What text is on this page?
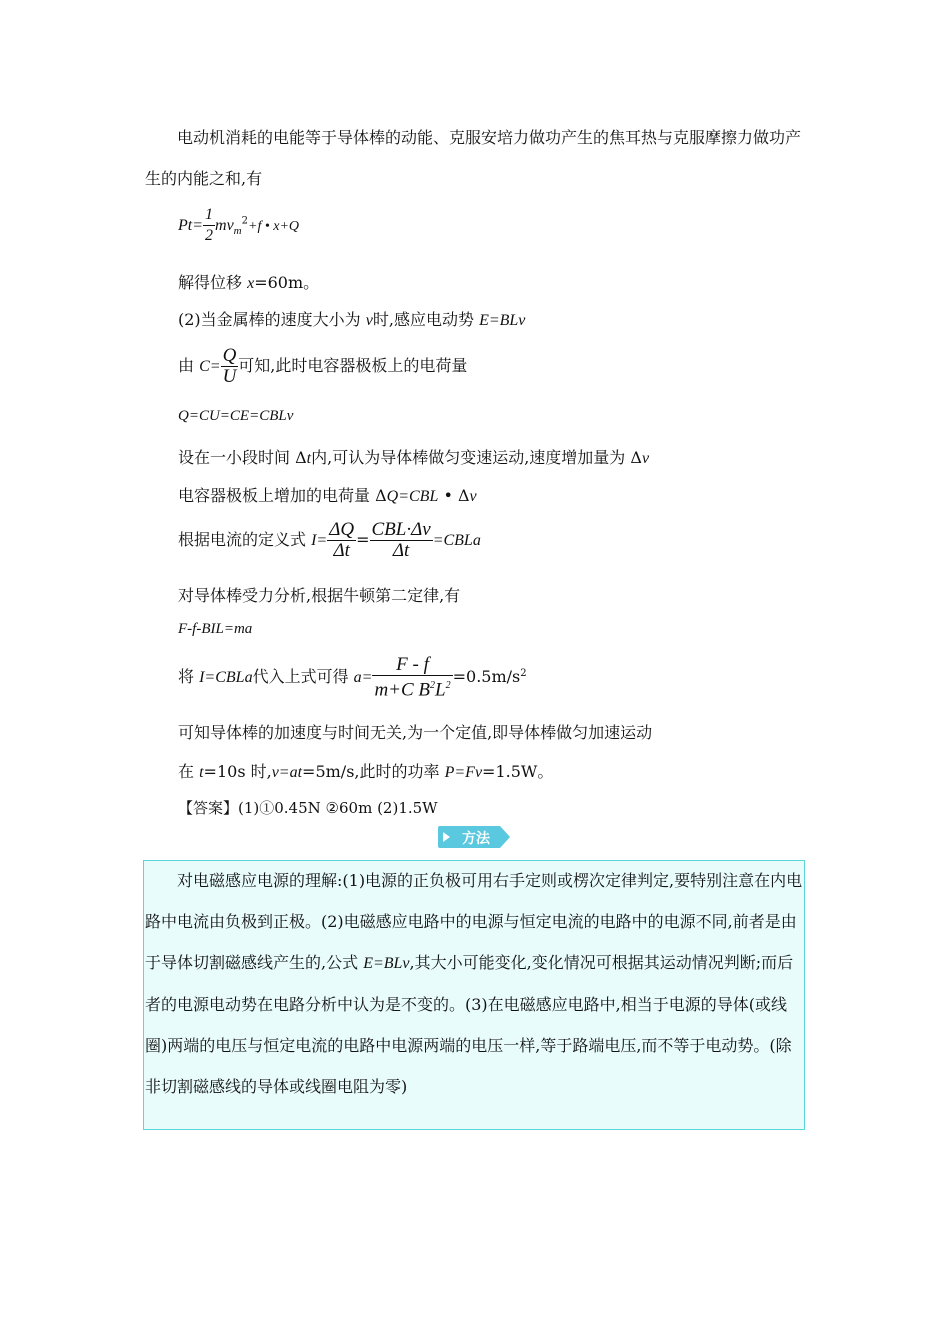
电动机消耗的电能等于导体棒的动能、克服安培力做功产生的焦耳热与克服摩擦力做功产生的内能之和,有
$Pt= \frac{1}{2} mv_m^2+f$ • x+Q
解得位移 x=60m。
(2)当金属棒的速度大小为 v时,感应电动势 E=BLv
由 $C= \frac{Q}{U}$ 可知,此时电容器极板上的电荷量
Q=CU=CE=CBLv
设在一小段时间 Δt内,可认为导体棒做匀变速运动,速度增加量为 Δv
电容器极板上增加的电荷量 ΔQ=CBL • Δv
根据电流的定义式 $I= \frac{\Delta Q}{\Delta t} = \frac{\text{CBL·Δv}}{\Delta t}$ =CBLa
对导体棒受力分析,根据牛顿第二定律,有
F-f-BIL=ma
将 I=CBLa代入上式可得 $a= \frac{F - f}{m+C B^2L^2} =0.5m/s^2$
可知导体棒的加速度与时间无关,为一个定值,即导体棒做匀加速运动
在 t=10s 时,v=at=5m/s,此时的功率 P=Fv=1.5W。
【答案】(1)①0.45N ②60m (2)1.5W
方法
对电磁感应电源的理解:(1)电源的正负极可用右手定则或楞次定律判定,要特别注意在内电路中电流由负极到正极。(2)电磁感应电路中的电源与恒定电流的电路中的电源不同,前者是由于导体切割磁感线产生的,公式 E=BLv,其大小可能变化,变化情况可根据其运动情况判断;而后者的电源电动势在电路分析中认为是不变的。(3)在电磁感应电路中,相当于电源的导体(或线圈)两端的电压与恒定电流的电路中电源两端的电压一样,等于路端电压,而不等于电动势。(除非切割磁感线的导体或线圈电阻为零)
